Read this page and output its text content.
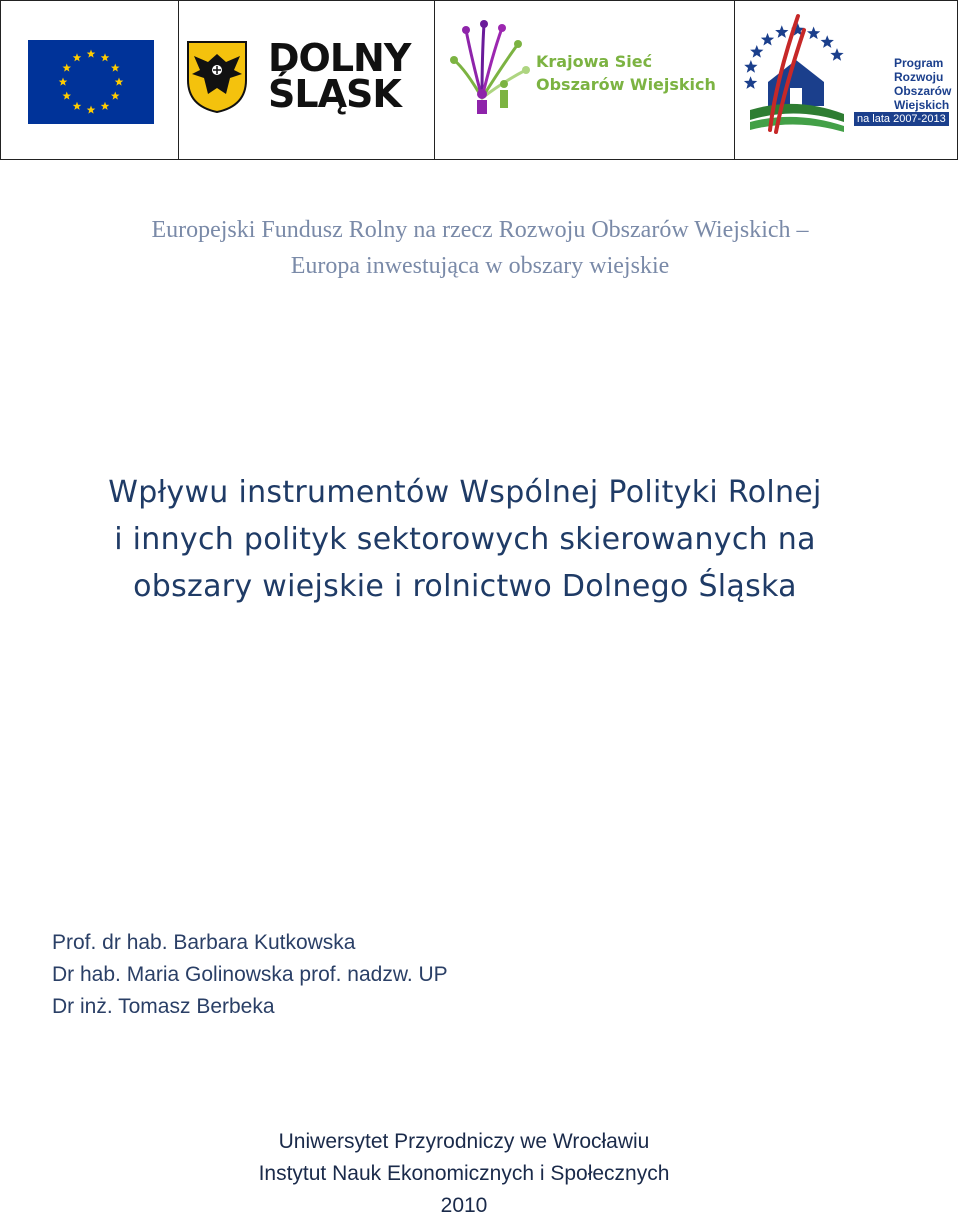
DOLNY
ŚLĄSK
Krajowa Sieć
Obszarów Wiejskich
Program
Rozwoju
Obszarów
Wiejskich
na lata 2007-2013
Europejski Fundusz Rolny na rzecz Rozwoju Obszarów Wiejskich –
Europa inwestująca w obszary wiejskie
Wpływu instrumentów Wspólnej Polityki Rolnej
i innych polityk sektorowych skierowanych na
obszary wiejskie i rolnictwo Dolnego Śląska
Prof. dr hab. Barbara Kutkowska
Dr hab. Maria Golinowska prof. nadzw. UP
Dr inż. Tomasz Berbeka
Uniwersytet Przyrodniczy we Wrocławiu
Instytut Nauk Ekonomicznych i Społecznych
2010
